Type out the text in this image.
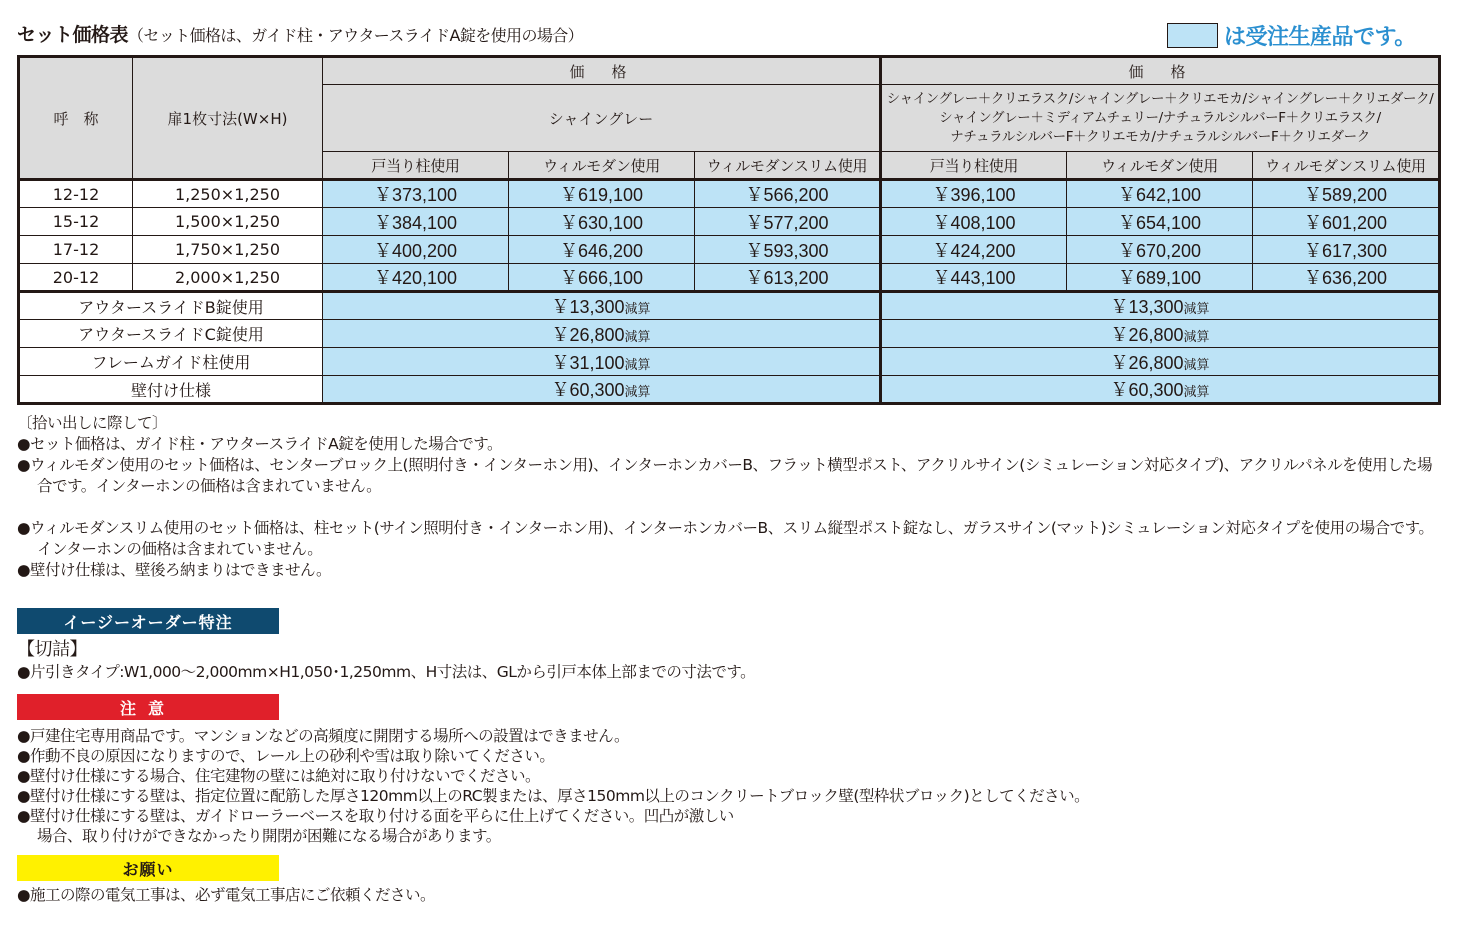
セット価格表 （セット価格は、ガイド柱・アウタースライドA錠を使用の場合）	は受注生産品です。
呼　称	扉1枚寸法(W×H)	価　格			価　格		
		シャイングレー			シャイングレー＋クリエラスク/シャイングレー＋クリエモカ/シャイングレー＋クリエダーク/
シャイングレー＋ミディアムチェリー/ナチュラルシルバーF＋クリエラスク/
ナチュラルシルバーF＋クリエモカ/ナチュラルシルバーF＋クリエダーク		

		戸当り柱使用	ウィルモダン使用	ウィルモダンスリム使用	戸当り柱使用	ウィルモダン使用	ウィルモダンスリム使用
12-12	1,250×1,250	￥373,100	￥619,100	￥566,200	￥396,100	￥642,100	￥589,200
15-12	1,500×1,250	￥384,100	￥630,100	￥577,200	￥408,100	￥654,100	￥601,200
17-12	1,750×1,250	￥400,200	￥646,200	￥593,300	￥424,200	￥670,200	￥617,300
20-12	2,000×1,250	￥420,100	￥666,100	￥613,200	￥443,100	￥689,100	￥636,200
アウタースライドB錠使用		￥13,300減算			￥13,300減算		
アウタースライドC錠使用		￥26,800減算			￥26,800減算		
フレームガイド柱使用		￥31,100減算			￥26,800減算		
壁付け仕様		￥60,300減算			￥60,300減算		
〔拾い出しに際して〕
●セット価格は、ガイド柱・アウタースライドA錠を使用した場合です。
●ウィルモダン使用のセット価格は、センターブロック上(照明付き・インターホン用)、インターホンカバーB、フラット横型ポスト、アクリルサイン(シミュレーション対応タイプ)、アクリルパネルを使用した場合です。インターホンの価格は含まれていません。
●ウィルモダンスリム使用のセット価格は、柱セット(サイン照明付き・インターホン用)、インターホンカバーB、スリム縦型ポスト錠なし、ガラスサイン(マット)シミュレーション対応タイプを使用の場合です。インターホンの価格は含まれていません。
●壁付け仕様は、壁後ろ納まりはできません。
イージーオーダー特注
【切詰】
●片引きタイプ:W1,000～2,000mm×H1,050･1,250mm、H寸法は、GLから引戸本体上部までの寸法です。
注意
●戸建住宅専用商品です。マンションなどの高頻度に開閉する場所への設置はできません。
●作動不良の原因になりますので、レール上の砂利や雪は取り除いてください。
●壁付け仕様にする場合、住宅建物の壁には絶対に取り付けないでください。
●壁付け仕様にする壁は、指定位置に配筋した厚さ120mm以上のRC製または、厚さ150mm以上のコンクリートブロック壁(型枠状ブロック)としてください。
●壁付け仕様にする壁は、ガイドローラーベースを取り付ける面を平らに仕上げてください。凹凸が激しい場合、取り付けができなかったり開閉が困難になる場合があります。
お願い
●施工の際の電気工事は、必ず電気工事店にご依頼ください。
